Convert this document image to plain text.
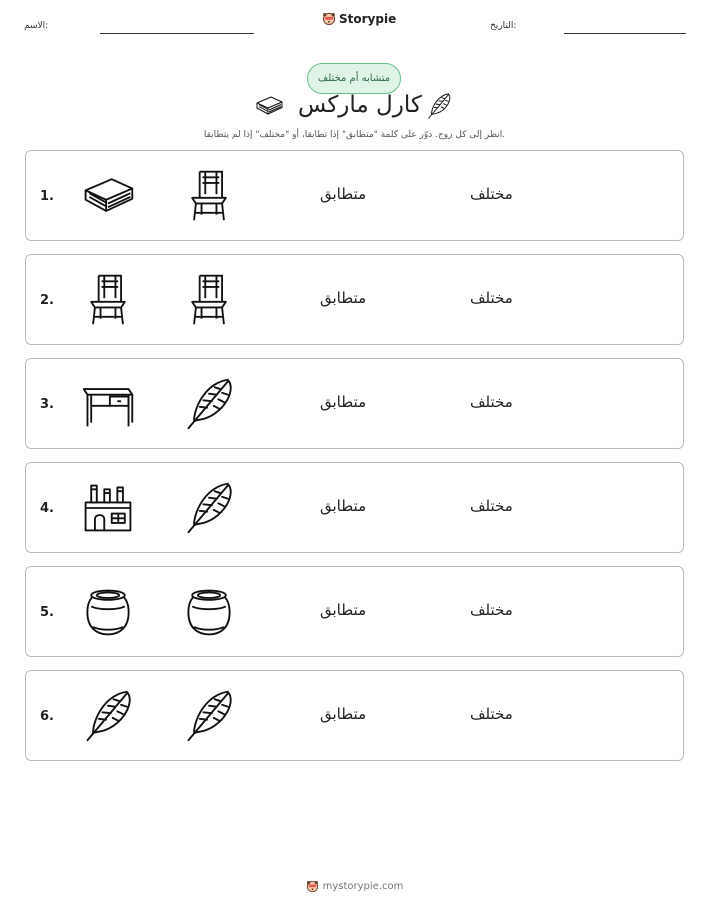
الاسم:	Storypie	التاريخ:
متشابه أم مختلف
كارل ماركس
انظر إلى كل زوج. دوّر على كلمة "متطابق" إذا تطابقا، أو "مختلف" إذا لم يتطابقا.
1.	متطابق	مختلف
2.	متطابق	مختلف
3.	متطابق	مختلف
4.	متطابق	مختلف
5.	متطابق	مختلف
6.	متطابق	مختلف
mystorypie.com
